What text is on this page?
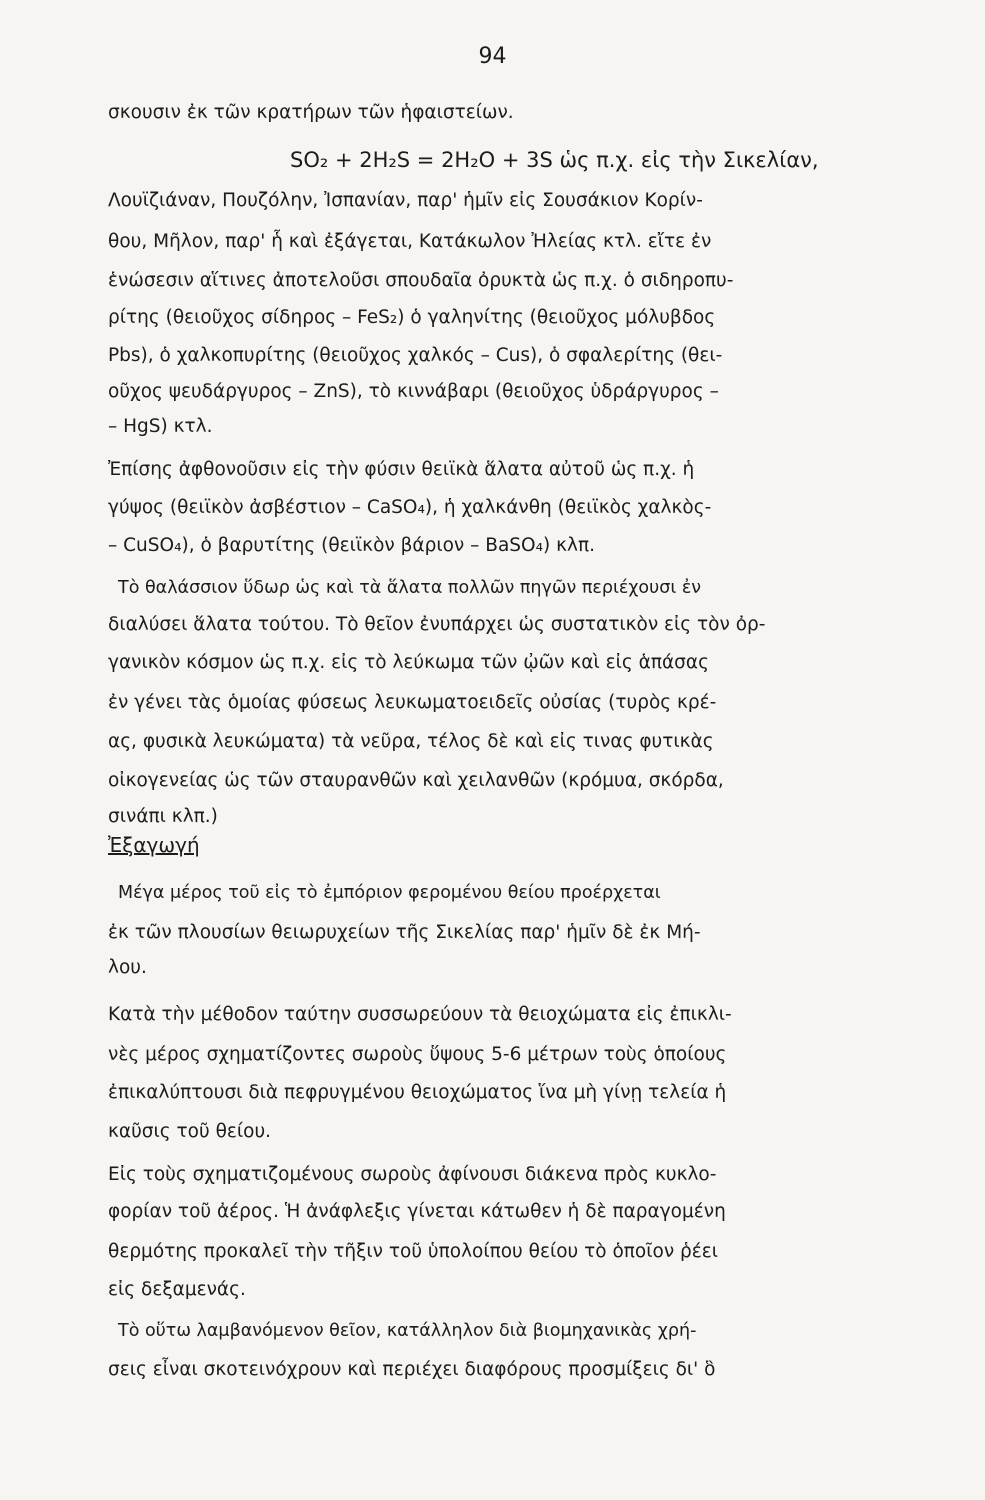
94
σκουσιν ἐκ τῶν κρατήρων τῶν ἡφαιστείων.
SO₂ + 2H₂S = 2H₂O + 3S ὡς π.χ. εἰς τὴν Σικελίαν,
Λουϊζιάναν, Πουζόλην, Ἰσπανίαν, παρ' ἡμῖν εἰς Σουσάκιον Κορίν-
θου, Μῆλον, παρ' ἧ καὶ ἐξάγεται, Κατάκωλον Ἠλείας κτλ. εἴτε ἐν
ἑνώσεσιν αἵτινες ἀποτελοῦσι σπουδαῖα ὀρυκτὰ ὡς π.χ. ὁ σιδηροπυ-
ρίτης (θειοῦχος σίδηρος – FeS₂) ὁ γαληνίτης (θειοῦχος μόλυβδος
Pbs), ὁ χαλκοπυρίτης (θειοῦχος χαλκός – Cus), ὁ σφαλερίτης (θει-
οῦχος ψευδάργυρος – ZnS), τὸ κιννάβαρι (θειοῦχος ὑδράργυρος –
– HgS) κτλ.
Ἐπίσης ἀφθονοῦσιν εἰς τὴν φύσιν θειϊκὰ ἅλατα αὐτοῦ ὡς π.χ. ἡ
γύψος (θειϊκὸν ἀσβέστιον – CaSO₄), ἡ χαλκάνθη (θειϊκὸς χαλκὸς-
– CuSO₄), ὁ βαρυτίτης (θειϊκὸν βάριον – BaSO₄) κλπ.
Τὸ θαλάσσιον ὕδωρ ὡς καὶ τὰ ἅλατα πολλῶν πηγῶν περιέχουσι ἐν
διαλύσει ἅλατα τούτου. Τὸ θεῖον ἐνυπάρχει ὡς συστατικὸν εἰς τὸν ὀρ-
γανικὸν κόσμον ὡς π.χ. εἰς τὸ λεύκωμα τῶν ᾠῶν καὶ εἰς ἁπάσας
ἐν γένει τὰς ὁμοίας φύσεως λευκωματοειδεῖς οὐσίας (τυρὸς κρέ-
ας, φυσικὰ λευκώματα) τὰ νεῦρα, τέλος δὲ καὶ εἰς τινας φυτικὰς
οἰκογενείας ὡς τῶν σταυρανθῶν καὶ χειλανθῶν (κρόμυα, σκόρδα,
σινάπι κλπ.)
Ἐξαγωγή
Μέγα μέρος τοῦ εἰς τὸ ἐμπόριον φερομένου θείου προέρχεται
ἐκ τῶν πλουσίων θειωρυχείων τῆς Σικελίας παρ' ἡμῖν δὲ ἐκ Μή-
λου.
Κατὰ τὴν μέθοδον ταύτην συσσωρεύουν τὰ θειοχώματα εἰς ἐπικλι-
νὲς μέρος σχηματίζοντες σωροὺς ὕψους 5-6 μέτρων τοὺς ὁποίους
ἐπικαλύπτουσι διὰ πεφρυγμένου θειοχώματος ἵνα μὴ γίνῃ τελεία ἡ
καῦσις τοῦ θείου.
Εἰς τοὺς σχηματιζομένους σωροὺς ἀφίνουσι διάκενα πρὸς κυκλο-
φορίαν τοῦ ἀέρος. Ἡ ἀνάφλεξις γίνεται κάτωθεν ἡ δὲ παραγομένη
θερμότης προκαλεῖ τὴν τῆξιν τοῦ ὑπολοίπου θείου τὸ ὁποῖον ῥέει
εἰς δεξαμενάς.
Τὸ οὕτω λαμβανόμενον θεῖον, κατάλληλον διὰ βιομηχανικὰς χρή-
σεις εἶναι σκοτεινόχρουν καὶ περιέχει διαφόρους προσμίξεις δι' ὃ
